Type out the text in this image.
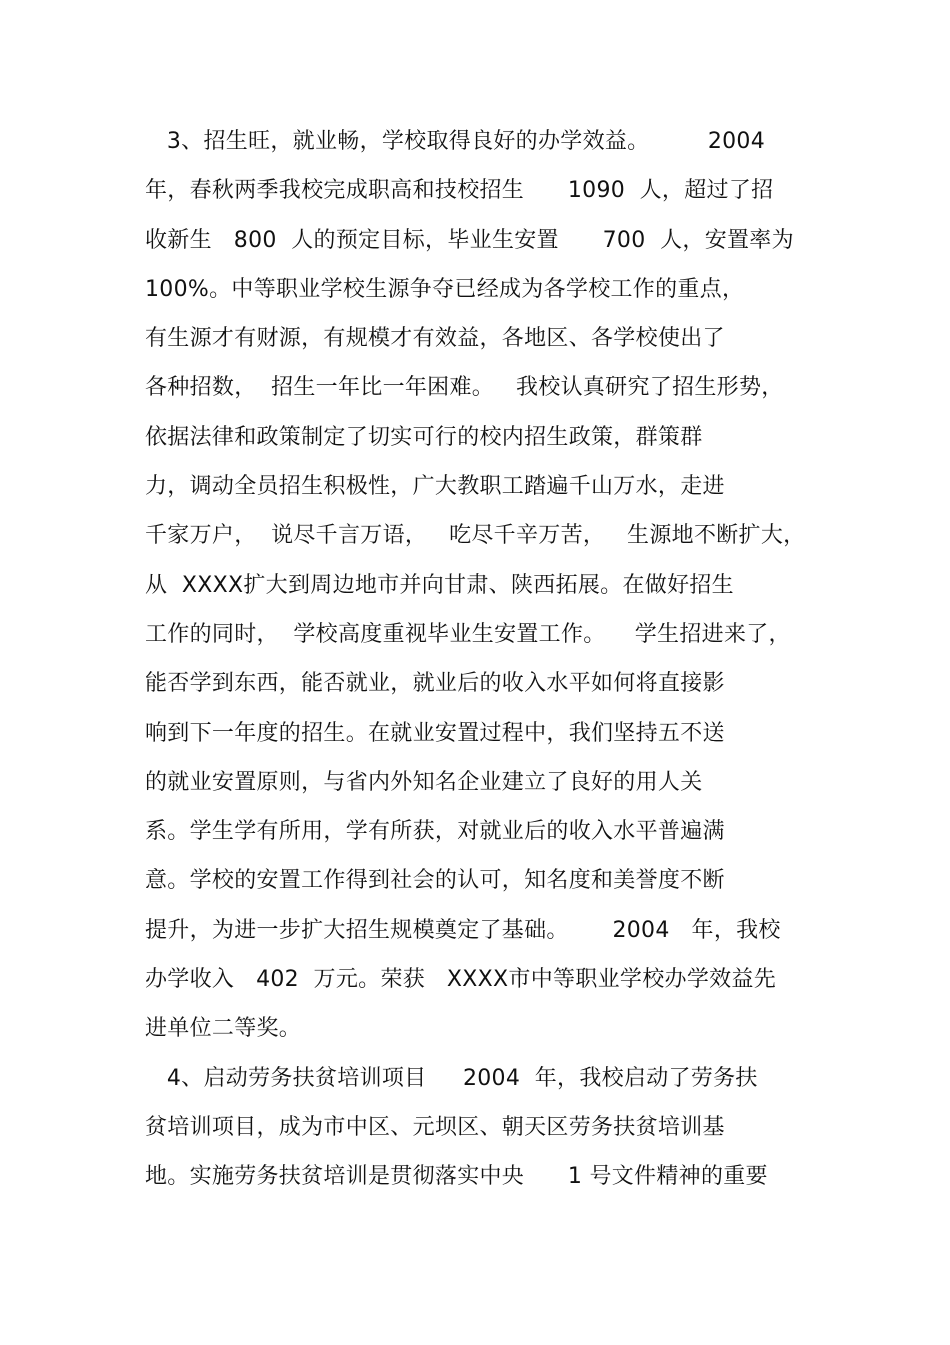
3、招生旺，就业畅，学校取得良好的办学效益。        2004
年，春秋两季我校完成职高和技校招生      1090  人，超过了招
收新生   800  人的预定目标，毕业生安置      700  人，安置率为
100%。中等职业学校生源争夺已经成为各学校工作的重点，
有生源才有财源，有规模才有效益，各地区、各学校使出了
各种招数，  招生一年比一年困难。   我校认真研究了招生形势，
依据法律和政策制定了切实可行的校内招生政策，群策群
力，调动全员招生积极性，广大教职工踏遍千山万水，走进
千家万户，  说尽千言万语，   吃尽千辛万苦，   生源地不断扩大，
从  XXXX扩大到周边地市并向甘肃、陕西拓展。在做好招生
工作的同时，  学校高度重视毕业生安置工作。    学生招进来了，
能否学到东西，能否就业，就业后的收入水平如何将直接影
响到下一年度的招生。在就业安置过程中，我们坚持五不送
的就业安置原则，与省内外知名企业建立了良好的用人关
系。学生学有所用，学有所获，对就业后的收入水平普遍满
意。学校的安置工作得到社会的认可，知名度和美誉度不断
提升，为进一步扩大招生规模奠定了基础。      2004   年，我校
办学收入   402  万元。荣获   XXXX市中等职业学校办学效益先
进单位二等奖。
4、启动劳务扶贫培训项目     2004  年，我校启动了劳务扶
贫培训项目，成为市中区、元坝区、朝天区劳务扶贫培训基
地。实施劳务扶贫培训是贯彻落实中央      1 号文件精神的重要
